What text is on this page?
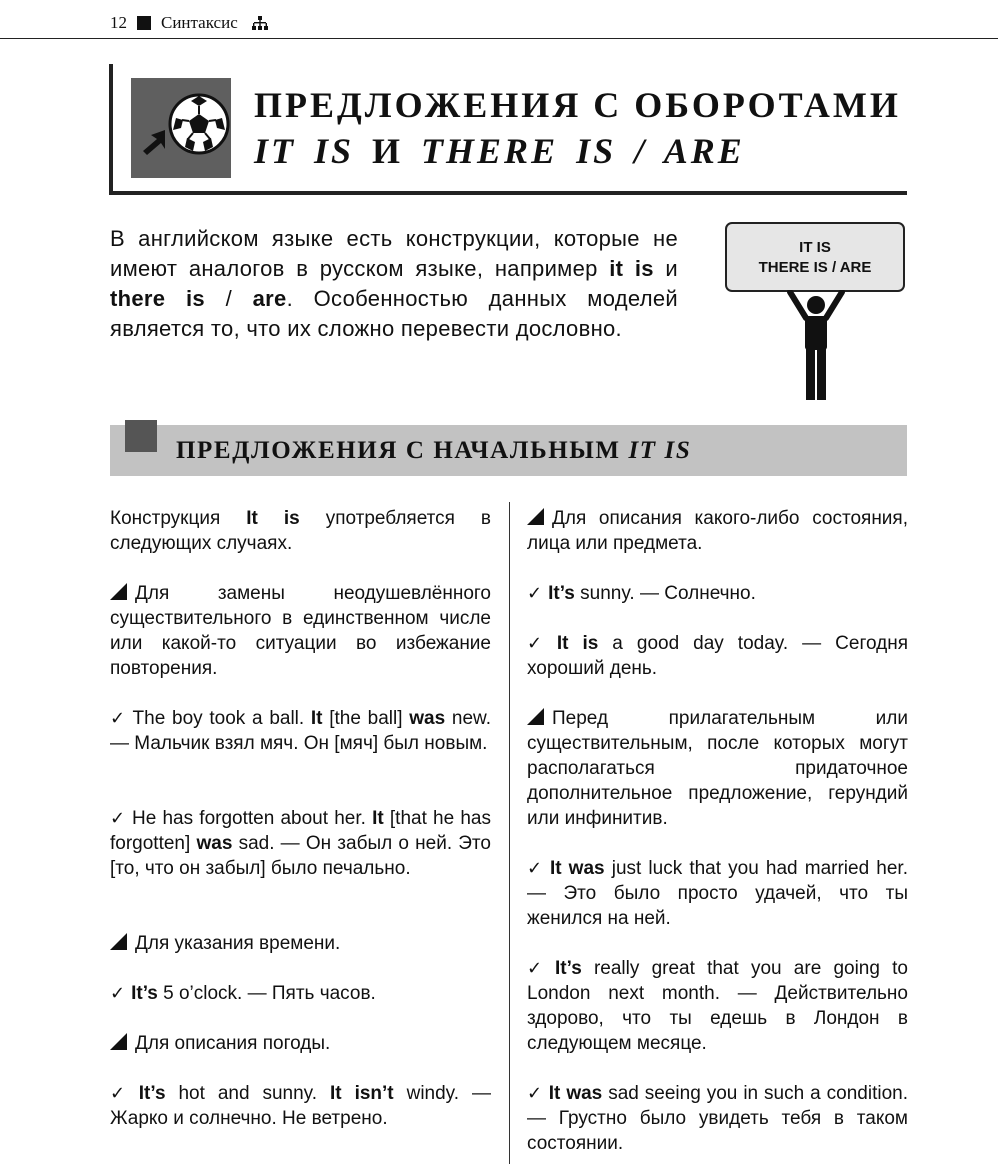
12 Синтаксис
ПРЕДЛОЖЕНИЯ С ОБОРОТАМИ
IT IS И THERE IS / ARE
В английском языке есть конструкции, которые не имеют аналогов в русском языке, например it is и there is / are. Особенностью данных моделей является то, что их сложно перевести дословно.
IT IS
THERE IS / ARE
ПРЕДЛОЖЕНИЯ С НАЧАЛЬНЫМ IT IS
Конструкция It is употребляется в следующих случаях.
Для замены неодушевлённого существительного в единственном числе или какой-то ситуации во избежание повторения.
✓ The boy took a ball. It [the ball] was new. — Мальчик взял мяч. Он [мяч] был новым.
✓ He has forgotten about her. It [that he has forgotten] was sad. — Он забыл о ней. Это [то, что он забыл] было печально.
Для указания времени.
✓ It’s 5 o’clock. — Пять часов.
Для описания погоды.
✓ It’s hot and sunny. It isn’t windy. — Жарко и солнечно. Не ветрено.
Для описания какого-либо состояния, лица или предмета.
✓ It’s sunny. — Солнечно.
✓ It is a good day today. — Сегодня хороший день.
Перед прилагательным или существительным, после которых могут располагаться придаточное дополнительное предложение, герундий или инфинитив.
✓ It was just luck that you had married her. — Это было просто удачей, что ты женился на ней.
✓ It’s really great that you are going to London next month. — Действительно здорово, что ты едешь в Лондон в следующем месяце.
✓ It was sad seeing you in such a condition. — Грустно было увидеть тебя в таком состоянии.
